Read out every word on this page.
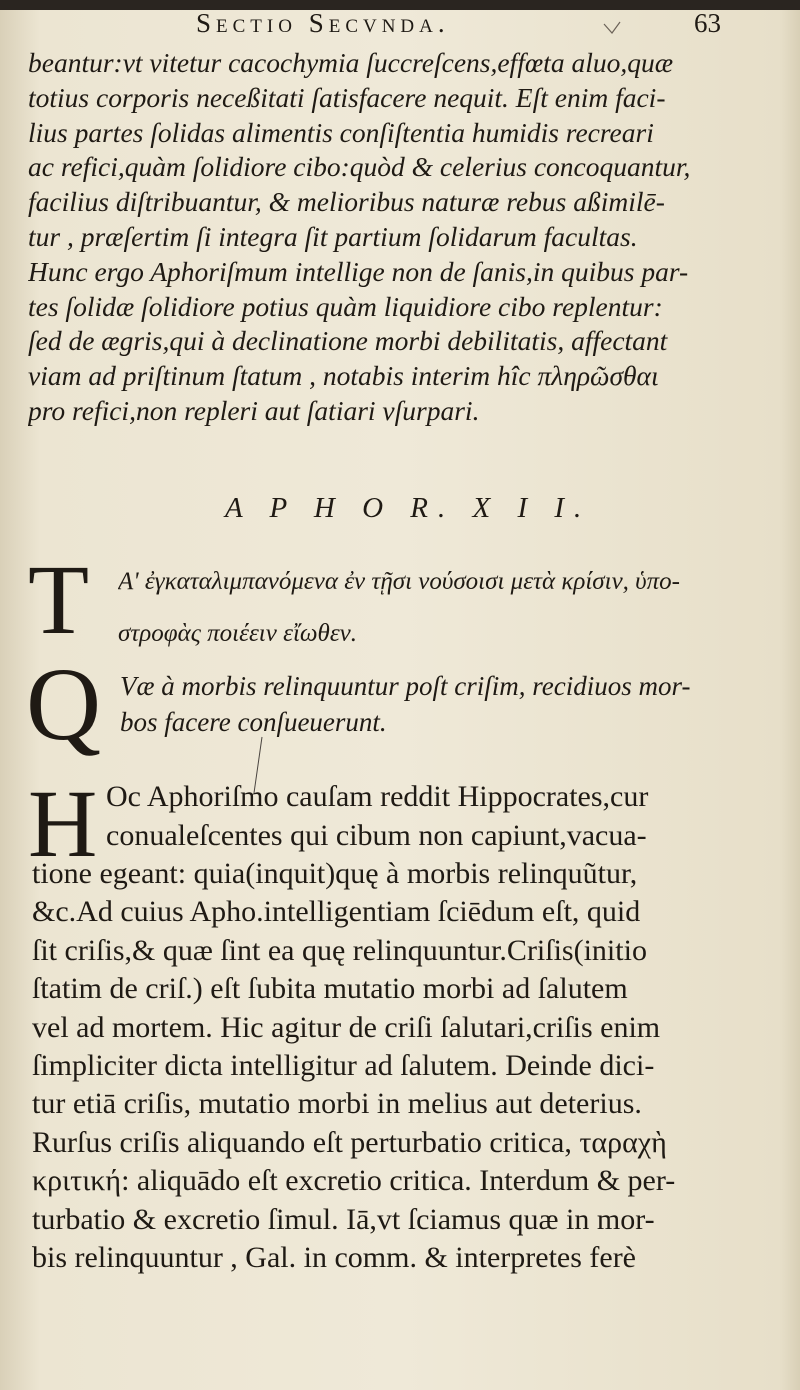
Sectio Secvnda.	63
beantur:vt vitetur cacochymia ſuccreſcens,effœta aluo,quæ
totius corporis neceßitati ſatisfacere nequit. Eſt enim faci-
lius partes ſolidas alimentis conſiſtentia humidis recreari
ac refici,quàm ſolidiore cibo:quòd & celerius concoquantur,
facilius diſtribuantur, & melioribus naturæ rebus aßimilē-
tur , præſertim ſi integra ſit partium ſolidarum facultas.
Hunc ergo Aphoriſmum intellige non de ſanis,in quibus par-
tes ſolidæ ſolidiore potius quàm liquidiore cibo replentur:
ſed de ægris,qui à declinatione morbi debilitatis, affectant
viam ad priſtinum ſtatum , notabis interim hîc πληρῶσθαι
pro refici,non repleri aut ſatiari vſurpari.
A P H O R. X I I.
T Α' ἐγκαταλιμπανόμενα ἐν τῇσι νούσοισι μετὰ κρίσιν, ὑπο-
στροφὰς ποιέειν εἴωθεν.
Q Væ à morbis relinquuntur poſt criſim, recidiuos mor-
bos facere conſueuerunt.
H Oc Aphoriſmo cauſam reddit Hippocrates,cur
conualeſcentes qui cibum non capiunt,vacua-
tione egeant: quia(inquit)quę à morbis relinquũtur,
&c.Ad cuius Apho.intelligentiam ſciēdum eſt, quid
ſit criſis,& quæ ſint ea quę relinquuntur.Criſis(initio
ſtatim de criſ.) eſt ſubita mutatio morbi ad ſalutem
vel ad mortem. Hic agitur de criſi ſalutari,criſis enim
ſimpliciter dicta intelligitur ad ſalutem. Deinde dici-
tur etiā criſis, mutatio morbi in melius aut deterius.
Rurſus criſis aliquando eſt perturbatio critica, ταραχὴ
κριτική: aliquādo eſt excretio critica. Interdum & per-
turbatio & excretio ſimul. Iā,vt ſciamus quæ in mor-
bis relinquuntur , Gal. in comm. & interpretes ferè
